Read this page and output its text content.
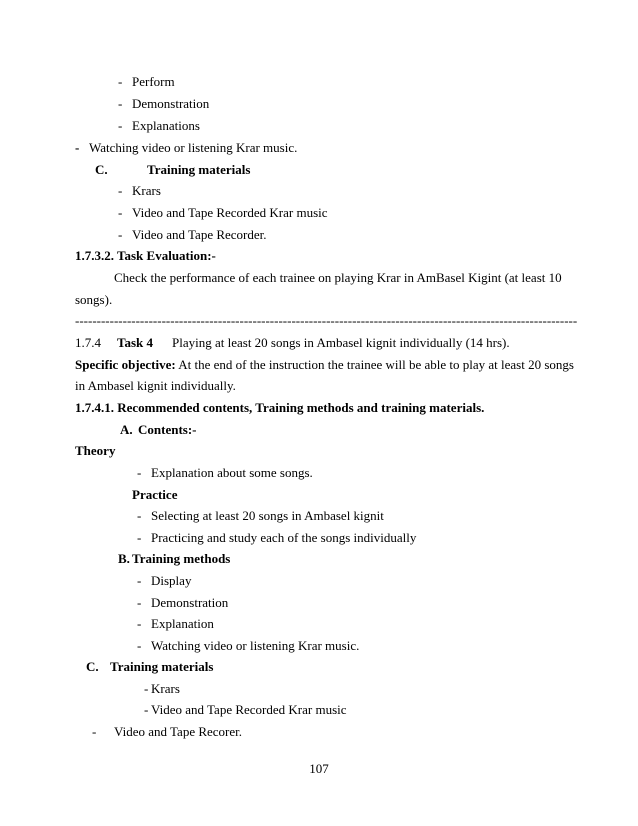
- Perform
- Demonstration
- Explanations
- Watching video or listening Krar music.
C.	Training materials
- Krars
- Video and Tape Recorded Krar music
- Video and Tape Recorder.
1.7.3.2. Task Evaluation:-
Check the performance of each trainee on playing Krar in AmBasel Kigint (at least 10
songs).
--------------------------------------------------------------------------------------------------------------------
1.7.4 Task 4 Playing at least 20 songs in Ambasel kignit individually (14 hrs).
Specific objective: At the end of the instruction the trainee will be able to play at least 20 songs
in Ambasel kignit individually.
1.7.4.1. Recommended contents, Training methods and training materials.
A. Contents:-
Theory
- Explanation about some songs.
Practice
- Selecting at least 20 songs in Ambasel kignit
- Practicing and study each of the songs individually
B. Training methods
- Display
- Demonstration
- Explanation
- Watching video or listening Krar music.
C. Training materials
- Krars
- Video and Tape Recorded Krar music
- Video and Tape Recorer.
107
